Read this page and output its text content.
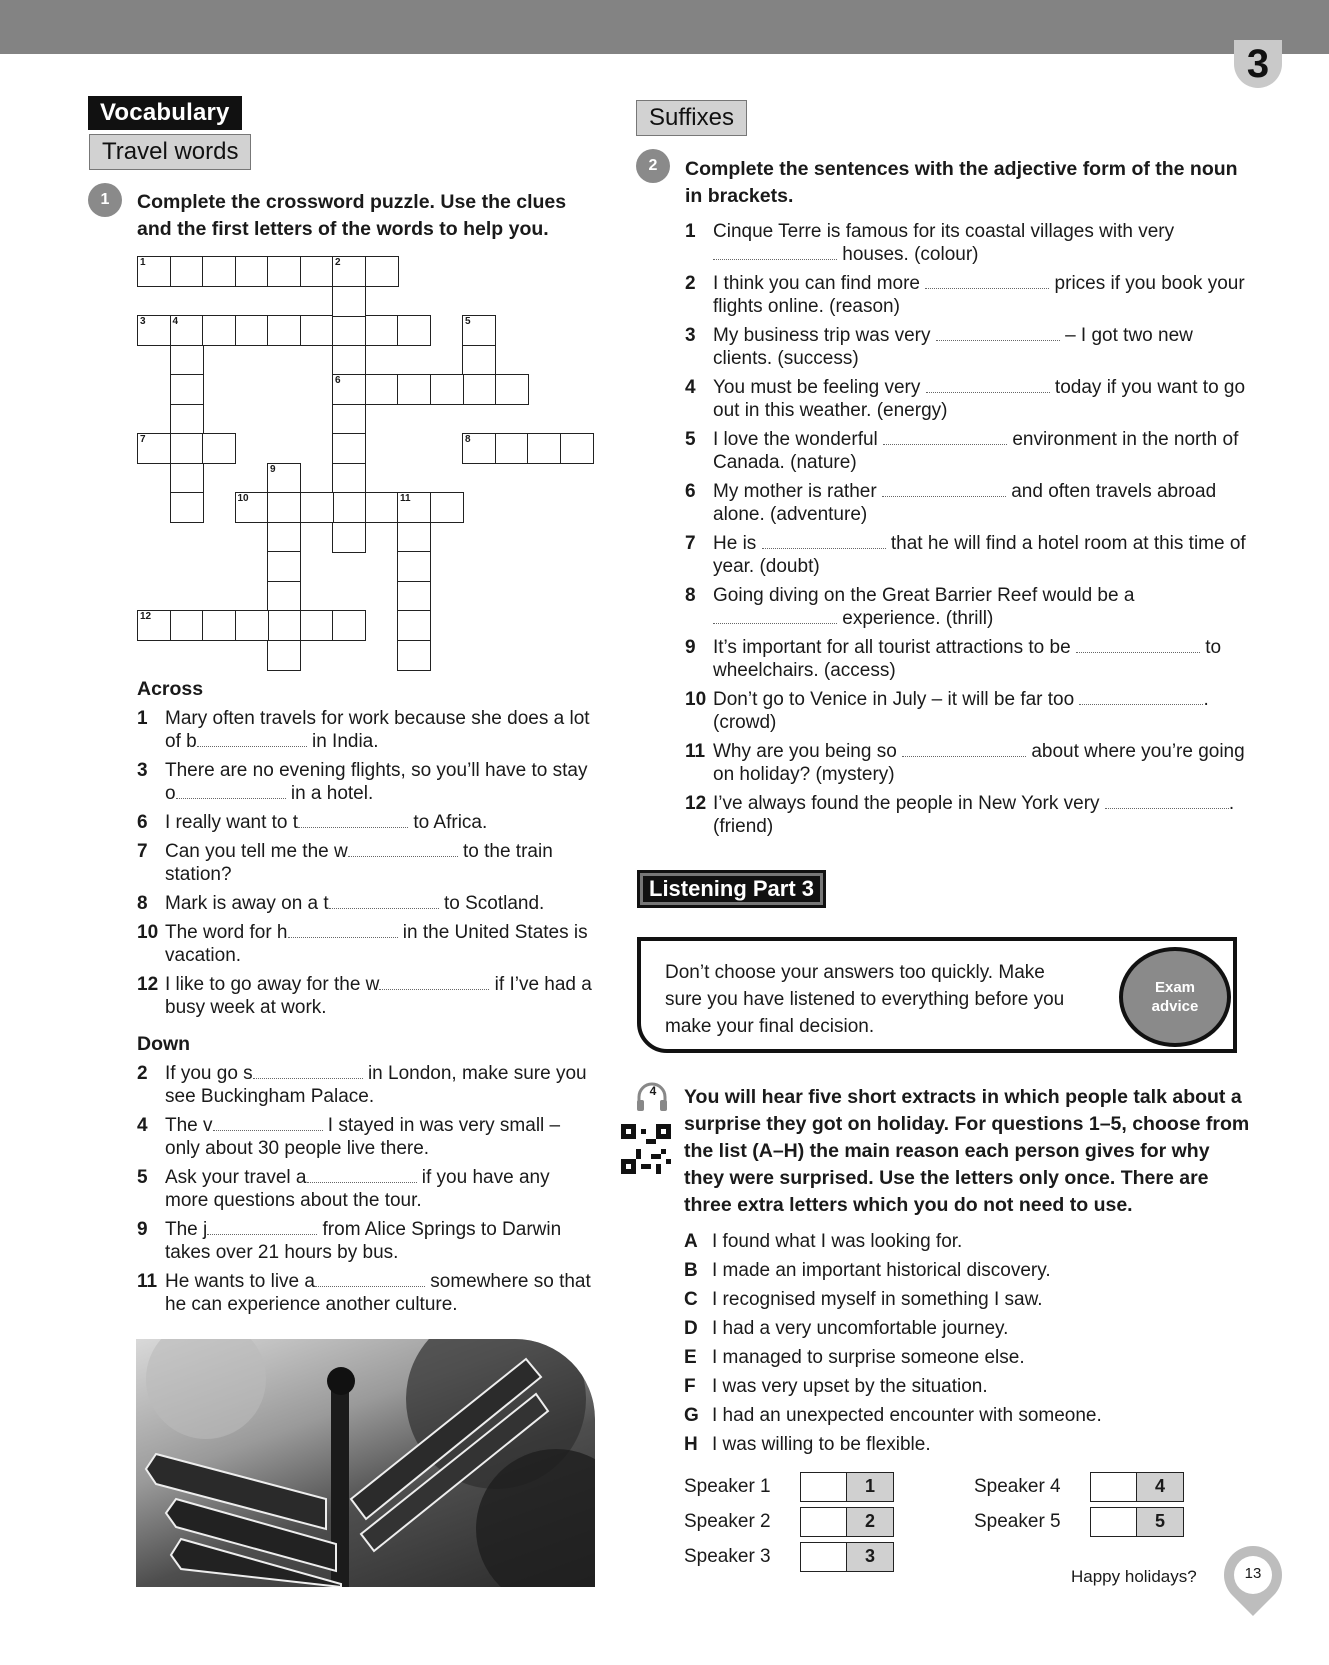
3
Vocabulary
Travel words
1	Complete the crossword puzzle. Use the clues and the first letters of the words to help you.
1	2
3	4	5
6
7	8
9
10	11
12
Across
1 Mary often travels for work because she does a lot of b	in India.
3 There are no evening flights, so you’ll have to stay o	in a hotel.
6 I really want to t	to Africa.
7 Can you tell me the w	to the train station?
8 Mark is away on a t	to Scotland.
10 The word for h	in the United States is vacation.
12 I like to go away for the w	if I’ve had a busy week at work.
Down
2 If you go s	in London, make sure you see Buckingham Palace.
4 The v	I stayed in was very small – only about 30 people live there.
5 Ask your travel a	if you have any more questions about the tour.
9 The j	from Alice Springs to Darwin takes over 21 hours by bus.
11 He wants to live a	somewhere so that he can experience another culture.
Suffixes
2	Complete the sentences with the adjective form of the noun in brackets.
1 Cinque Terre is famous for its coastal villages with very  houses. (colour)
2 I think you can find more	prices if you book your flights online. (reason)
3 My business trip was very	– I got two new clients. (success)
4 You must be feeling very	today if you want to go out in this weather. (energy)
5 I love the wonderful	environment in the north of Canada. (nature)
6 My mother is rather	and often travels abroad alone. (adventure)
7 He is	that he will find a hotel room at this time of year. (doubt)
8 Going diving on the Great Barrier Reef would be a  experience. (thrill)
9 It’s important for all tourist attractions to be	to wheelchairs. (access)
10 Don’t go to Venice in July – it will be far too	. (crowd)
11 Why are you being so	about where you’re going on holiday? (mystery)
12 I’ve always found the people in New York very	. (friend)
Listening Part 3
Don’t choose your answers too quickly. Make sure you have listened to everything before you make your final decision.
Exam
advice
4 You will hear five short extracts in which people talk about a surprise they got on holiday. For questions 1–5, choose from the list (A–H) the main reason each person gives for why they were surprised. Use the letters only once. There are three extra letters which you do not need to use.
A I found what I was looking for.
B I made an important historical discovery.
C I recognised myself in something I saw.
D I had a very uncomfortable journey.
E I managed to surprise someone else.
F I was very upset by the situation.
G I had an unexpected encounter with someone.
H I was willing to be flexible.
Speaker 1	1
Speaker 2	2
Speaker 3	3
Speaker 4	4
Speaker 5	5
Happy holidays?	13
